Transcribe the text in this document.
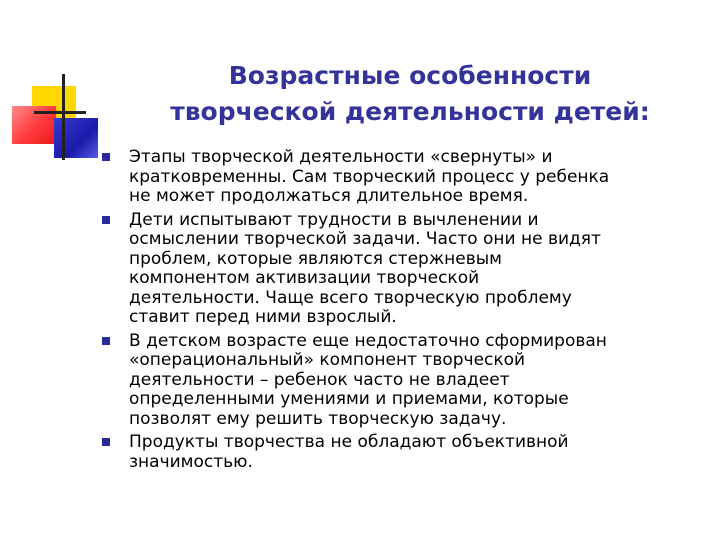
Возрастные особенности
творческой деятельности детей:
Этапы творческой деятельности «свернуты» и
кратковременны. Сам творческий процесс у ребенка
не может продолжаться длительное время.
Дети испытывают трудности в вычленении и
осмыслении творческой задачи. Часто они не видят
проблем, которые являются стержневым
компонентом активизации творческой
деятельности. Чаще всего творческую проблему
ставит перед ними взрослый.
В детском возрасте еще недостаточно сформирован
«операциональный» компонент творческой
деятельности – ребенок часто не владеет
определенными умениями и приемами, которые
позволят ему решить творческую задачу.
Продукты творчества не обладают объективной
значимостью.
